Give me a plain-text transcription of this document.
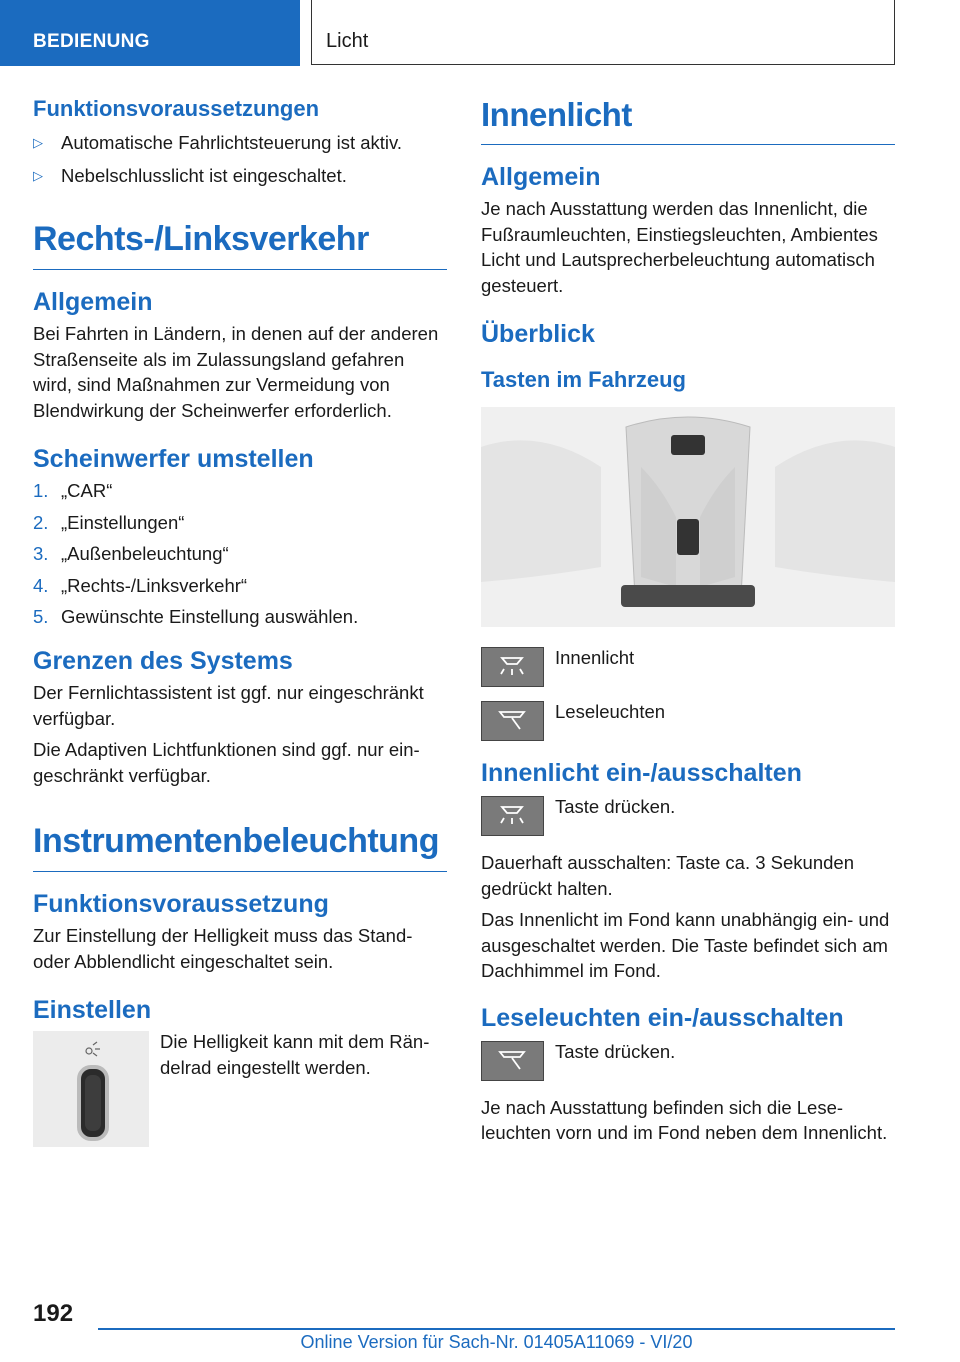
BEDIENUNG	Licht
Funktionsvoraussetzungen
▷ Automatische Fahrlichtsteuerung ist aktiv.
▷ Nebelschlusslicht ist eingeschaltet.
Rechts-/Linksverkehr
Allgemein
Bei Fahrten in Ländern, in denen auf der anderen Straßenseite als im Zulassungsland gefahren wird, sind Maßnahmen zur Vermeidung von Blendwirkung der Scheinwerfer erforderlich.
Scheinwerfer umstellen
1. „CAR“
2. „Einstellungen“
3. „Außenbeleuchtung“
4. „Rechts-/Linksverkehr“
5. Gewünschte Einstellung auswählen.
Grenzen des Systems
Der Fernlichtassistent ist ggf. nur eingeschränkt verfügbar.
Die Adaptiven Lichtfunktionen sind ggf. nur eingeschränkt verfügbar.
Instrumentenbeleuchtung
Funktionsvoraussetzung
Zur Einstellung der Helligkeit muss das Stand- oder Abblendlicht eingeschaltet sein.
Einstellen
Die Helligkeit kann mit dem Rändelrad eingestellt werden.
Innenlicht
Allgemein
Je nach Ausstattung werden das Innenlicht, die Fußraumleuchten, Einstiegsleuchten, Ambientes Licht und Lautsprecherbeleuchtung automatisch gesteuert.
Überblick
Tasten im Fahrzeug
Innenlicht
Leseleuchten
Innenlicht ein-/ausschalten
Taste drücken.
Dauerhaft ausschalten: Taste ca. 3 Sekunden gedrückt halten.
Das Innenlicht im Fond kann unabhängig ein- und ausgeschaltet werden. Die Taste befindet sich am Dachhimmel im Fond.
Leseleuchten ein-/ausschalten
Taste drücken.
Je nach Ausstattung befinden sich die Leseleuchten vorn und im Fond neben dem Innenlicht.
192
Online Version für Sach-Nr. 01405A11069 - VI/20
